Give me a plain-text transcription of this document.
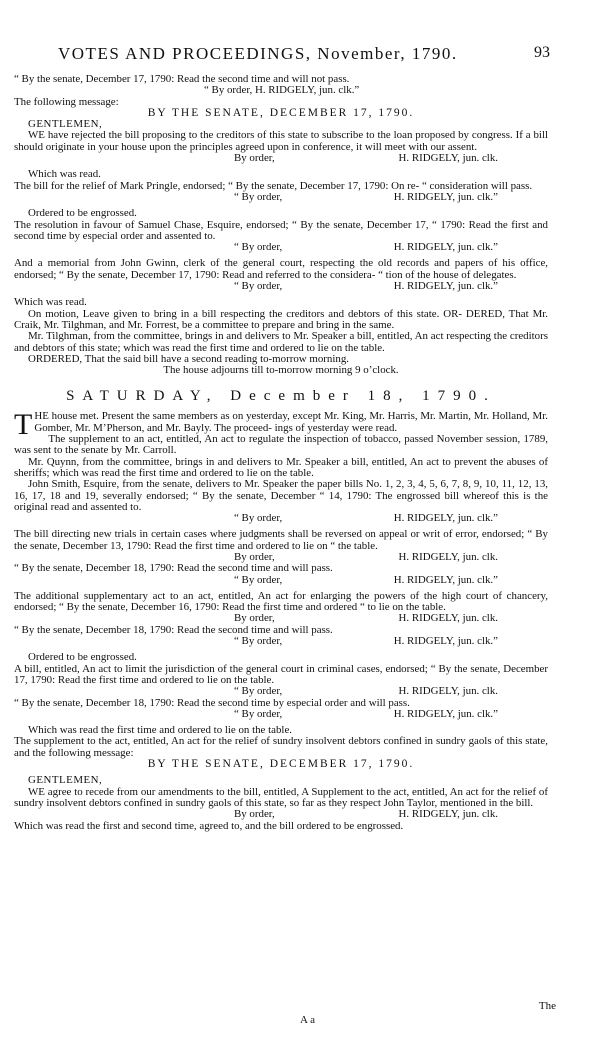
VOTES AND PROCEEDINGS, November, 1790.	93
“ By the senate, December 17, 1790: Read the second time and will not pass.
“ By order, H. RIDGELY, jun. clk.”
The following message:
BY THE SENATE, DECEMBER 17, 1790.
GENTLEMEN,
WE have rejected the bill proposing to the creditors of this state to subscribe to the loan proposed by congress. If a bill should originate in your house upon the principles agreed upon in conference, it will meet with our assent.
By order,	H. RIDGELY, jun. clk.
Which was read.
The bill for the relief of Mark Pringle, endorsed; “ By the senate, December 17, 1790: On re- “ consideration will pass.
“ By order,	H. RIDGELY, jun. clk.”
Ordered to be engrossed.
The resolution in favour of Samuel Chase, Esquire, endorsed; “ By the senate, December 17, “ 1790: Read the first and second time by especial order and assented to.
“ By order,	H. RIDGELY, jun. clk.”
And a memorial from John Gwinn, clerk of the general court, respecting the old records and papers of his office, endorsed; “ By the senate, December 17, 1790: Read and referred to the considera- “ tion of the house of delegates.
“ By order,	H. RIDGELY, jun. clk.”
Which was read.
On motion, Leave given to bring in a bill respecting the creditors and debtors of this state. OR- DERED, That Mr. Craik, Mr. Tilghman, and Mr. Forrest, be a committee to prepare and bring in the same.
Mr. Tilghman, from the committee, brings in and delivers to Mr. Speaker a bill, entitled, An act respecting the creditors and debtors of this state; which was read the first time and ordered to lie on the table.
ORDERED, That the said bill have a second reading to-morrow morning.
The house adjourns till to-morrow morning 9 o’clock.
SATURDAY, December 18, 1790.
THE house met. Present the same members as on yesterday, except Mr. King, Mr. Harris, Mr. Martin, Mr. Holland, Mr. Gomber, Mr. M’Pherson, and Mr. Bayly. The proceed- ings of yesterday were read.
The supplement to an act, entitled, An act to regulate the inspection of tobacco, passed November session, 1789, was sent to the senate by Mr. Carroll.
Mr. Quynn, from the committee, brings in and delivers to Mr. Speaker a bill, entitled, An act to prevent the abuses of sheriffs; which was read the first time and ordered to lie on the table.
John Smith, Esquire, from the senate, delivers to Mr. Speaker the paper bills No. 1, 2, 3, 4, 5, 6, 7, 8, 9, 10, 11, 12, 13, 16, 17, 18 and 19, severally endorsed; “ By the senate, December “ 14, 1790: The engrossed bill whereof this is the original read and assented to.
“ By order,	H. RIDGELY, jun. clk.”
The bill directing new trials in certain cases where judgments shall be reversed on appeal or writ of error, endorsed; “ By the senate, December 13, 1790: Read the first time and ordered to lie on “ the table.
By order,	H. RIDGELY, jun. clk.
“ By the senate, December 18, 1790: Read the second time and will pass.
“ By order,	H. RIDGELY, jun. clk.”
The additional supplementary act to an act, entitled, An act for enlarging the powers of the high court of chancery, endorsed; “ By the senate, December 16, 1790: Read the first time and ordered “ to lie on the table.
By order,	H. RIDGELY, jun. clk.
“ By the senate, December 18, 1790: Read the second time and will pass.
“ By order,	H. RIDGELY, jun. clk.”
Ordered to be engrossed.
A bill, entitled, An act to limit the jurisdiction of the general court in criminal cases, endorsed; “ By the senate, December 17, 1790: Read the first time and ordered to lie on the table.
“ By order,	H. RIDGELY, jun. clk.
“ By the senate, December 18, 1790: Read the second time by especial order and will pass.
“ By order,	H. RIDGELY, jun. clk.”
Which was read the first time and ordered to lie on the table.
The supplement to the act, entitled, An act for the relief of sundry insolvent debtors confined in sundry gaols of this state, and the following message:
BY THE SENATE, DECEMBER 17, 1790.
GENTLEMEN,
WE agree to recede from our amendments to the bill, entitled, A Supplement to the act, entitled, An act for the relief of sundry insolvent debtors confined in sundry gaols of this state, so far as they respect John Taylor, mentioned in the bill.
By order,	H. RIDGELY, jun. clk.
Which was read the first and second time, agreed to, and the bill ordered to be engrossed.
The
A a
